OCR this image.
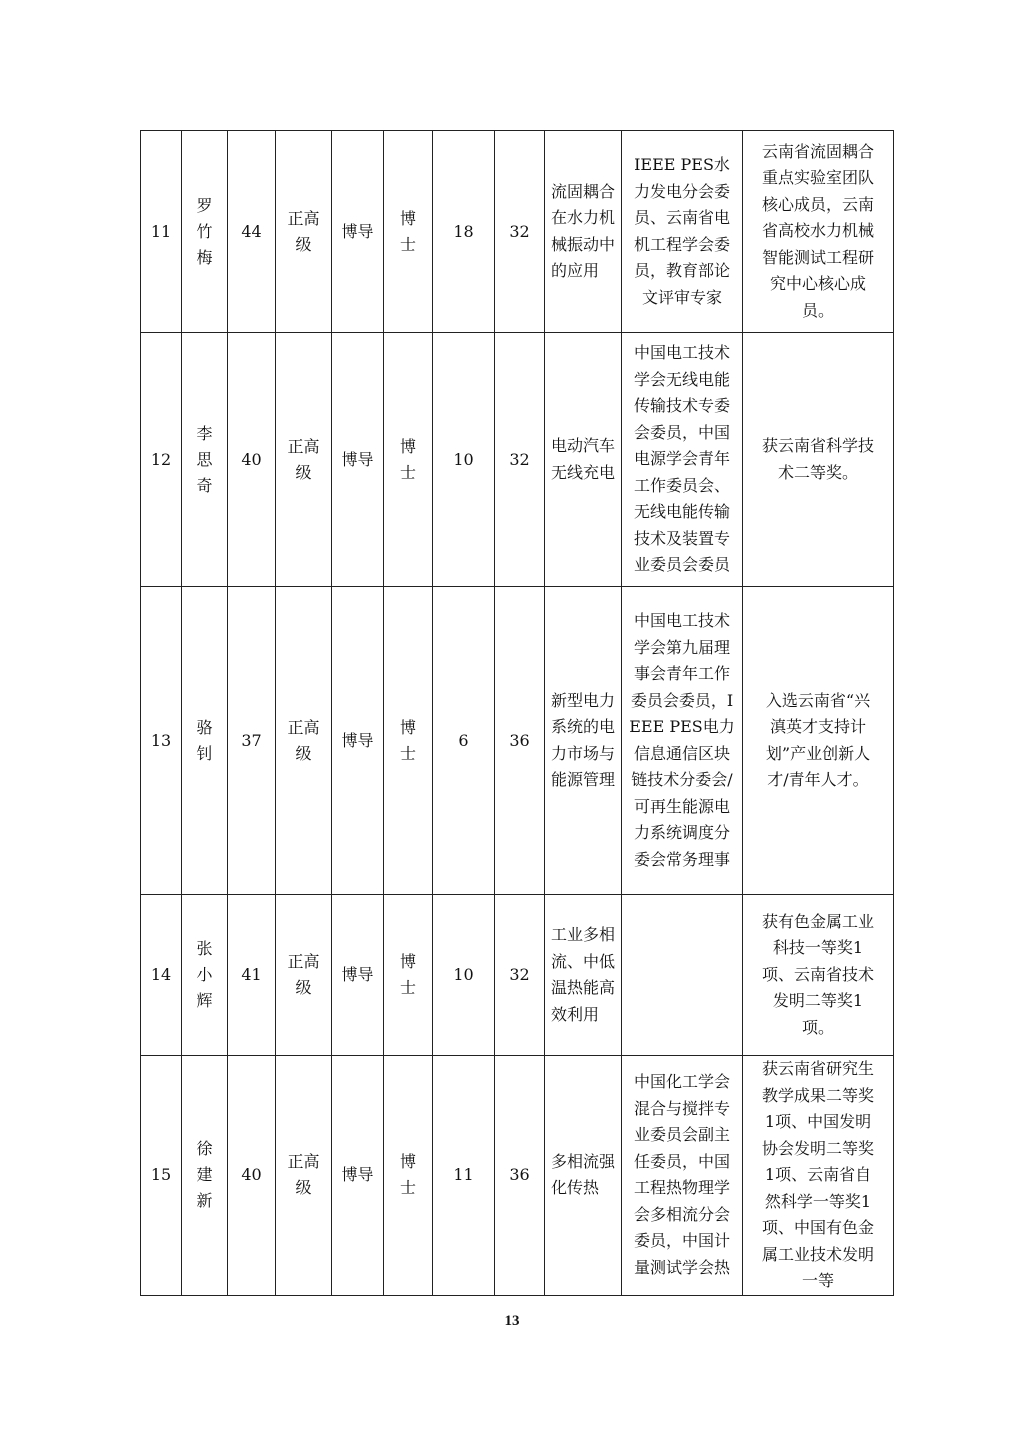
11	罗竹梅	44	正高级	博导	博士	18	32	流固耦合在水力机械振动中的应用	IEEE PES水力发电分会委员、云南省电机工程学会委员，教育部论文评审专家	云南省流固耦合重点实验室团队核心成员，云南省高校水力机械智能测试工程研究中心核心成员。
12	李思奇	40	正高级	博导	博士	10	32	电动汽车无线充电	中国电工技术学会无线电能传输技术专委会委员，中国电源学会青年工作委员会、无线电能传输技术及装置专业委员会委员	获云南省科学技术二等奖。
13	骆钊	37	正高级	博导	博士	6	36	新型电力系统的电力市场与能源管理	中国电工技术学会第九届理事会青年工作委员会委员，IEEE PES电力信息通信区块链技术分委会/可再生能源电力系统调度分委会常务理事	入选云南省“兴滇英才支持计划”产业创新人才/青年人才。
14	张小辉	41	正高级	博导	博士	10	32	工业多相流、中低温热能高效利用		获有色金属工业科技一等奖1项、云南省技术发明二等奖1项。
15	徐建新	40	正高级	博导	博士	11	36	多相流强化传热	中国化工学会混合与搅拌专业委员会副主任委员，中国工程热物理学会多相流分会委员，中国计量测试学会热	获云南省研究生教学成果二等奖1项、中国发明协会发明二等奖1项、云南省自然科学一等奖1项、中国有色金属工业技术发明一等
13
